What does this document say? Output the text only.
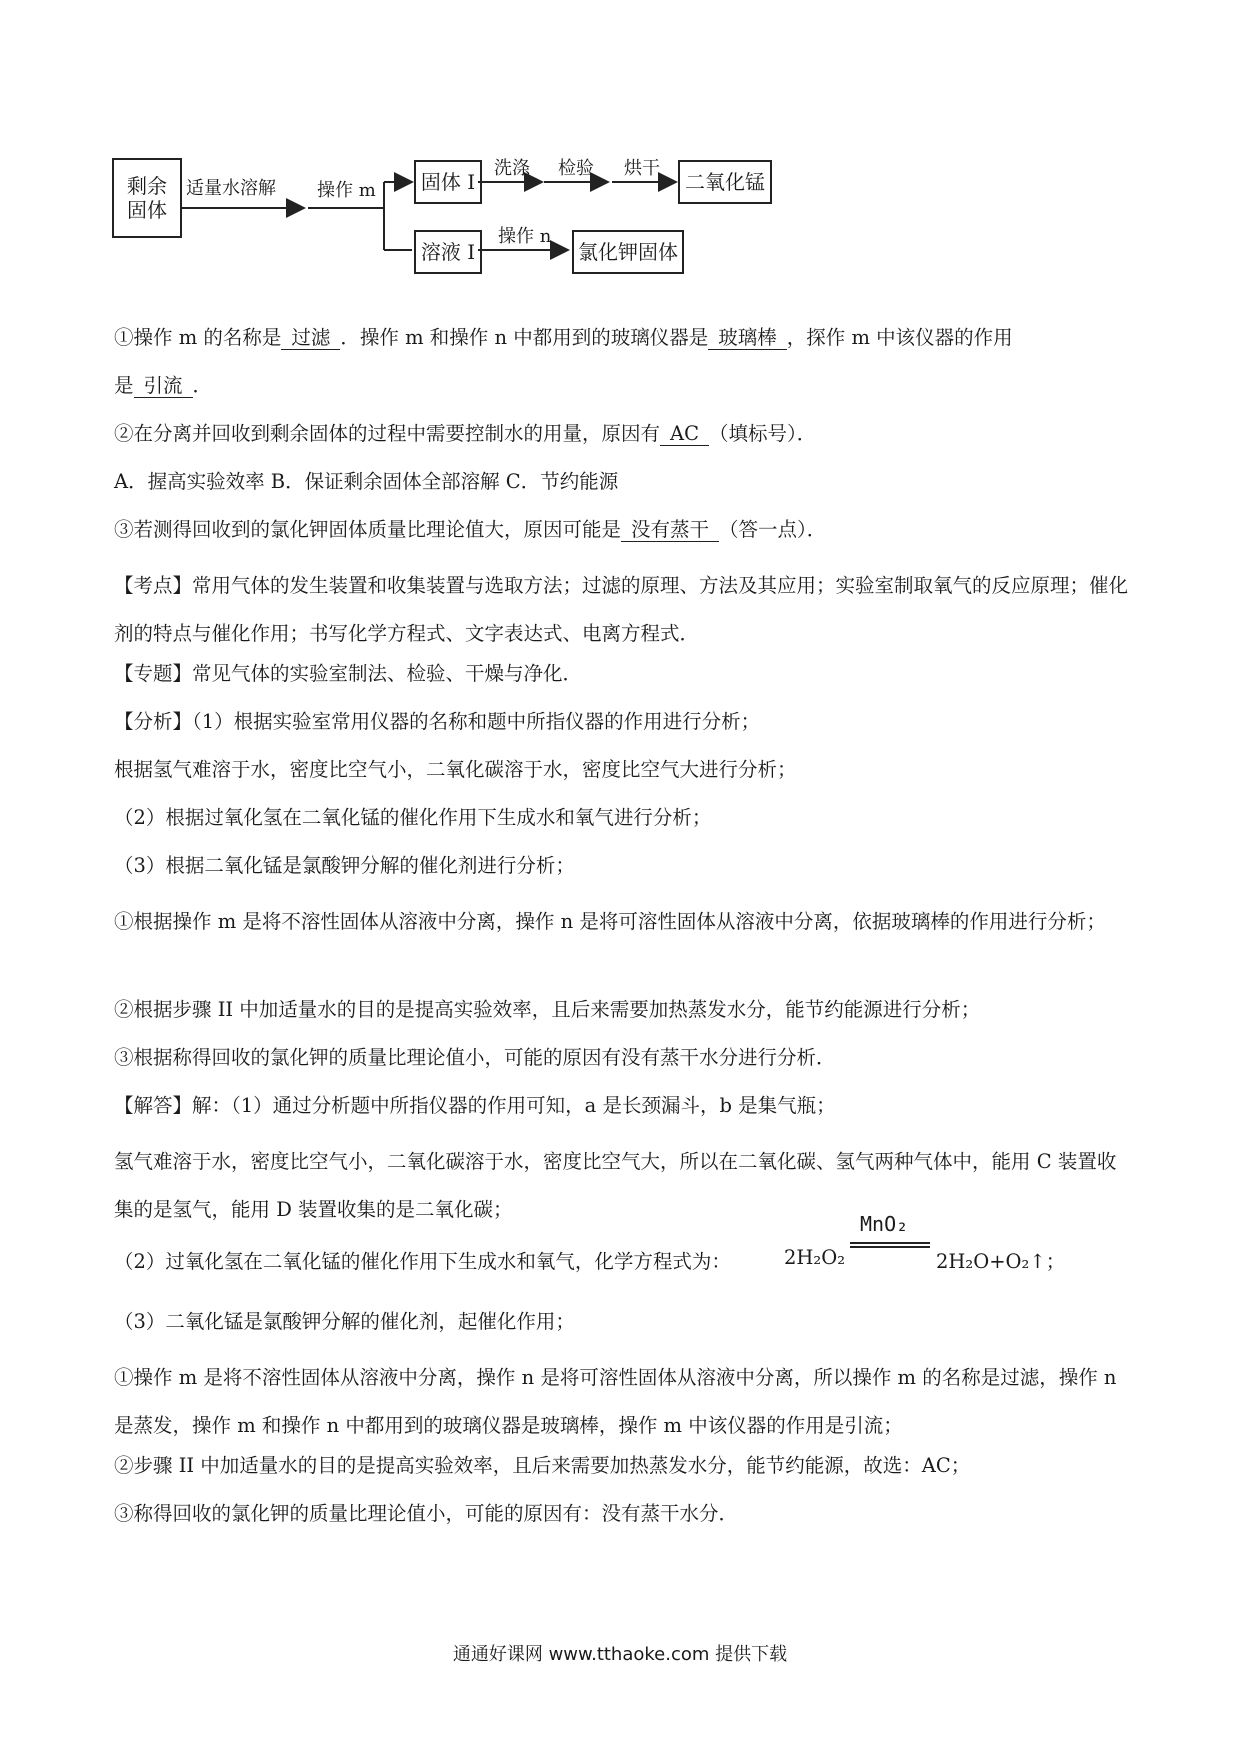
剩余
固体
适量水溶解 操作 m	固体 I
洗涤 检验 烘干
二氧化锰
溶液 I
操作 n
氯化钾固体
①操作 m 的名称是 过滤 ．操作 m 和操作 n 中都用到的玻璃仪器是 玻璃棒 ，探作 m 中该仪器的作用
是 引流 ．
②在分离并回收到剩余固体的过程中需要控制水的用量，原因有 AC （填标号）．
A．握高实验效率 B．保证剩余固体全部溶解 C．节约能源
③若测得回收到的氯化钾固体质量比理论值大，原因可能是 没有蒸干 （答一点）．
【考点】常用气体的发生装置和收集装置与选取方法；过滤的原理、方法及其应用；实验室制取氧气的反应原理；催化剂的特点与催化作用；书写化学方程式、文字表达式、电离方程式．
【专题】常见气体的实验室制法、检验、干燥与净化．
【分析】（1）根据实验室常用仪器的名称和题中所指仪器的作用进行分析；
根据氢气难溶于水，密度比空气小，二氧化碳溶于水，密度比空气大进行分析；
（2）根据过氧化氢在二氧化锰的催化作用下生成水和氧气进行分析；
（3）根据二氧化锰是氯酸钾分解的催化剂进行分析；
①根据操作 m 是将不溶性固体从溶液中分离，操作 n 是将可溶性固体从溶液中分离，依据玻璃棒的作用进行分析；
②根据步骤 II 中加适量水的目的是提高实验效率，且后来需要加热蒸发水分，能节约能源进行分析；
③根据称得回收的氯化钾的质量比理论值小，可能的原因有没有蒸干水分进行分析．
【解答】解：（1）通过分析题中所指仪器的作用可知，a 是长颈漏斗，b 是集气瓶；
氢气难溶于水，密度比空气小，二氧化碳溶于水，密度比空气大，所以在二氧化碳、氢气两种气体中，能用 C 装置收集的是氢气，能用 D 装置收集的是二氧化碳；
（2）过氧化氢在二氧化锰的催化作用下生成水和氧气，化学方程式为：	2H₂O₂
MnO₂
2H₂O+O₂↑；
（3）二氧化锰是氯酸钾分解的催化剂，起催化作用；
①操作 m 是将不溶性固体从溶液中分离，操作 n 是将可溶性固体从溶液中分离，所以操作 m 的名称是过滤，操作 n 是蒸发，操作 m 和操作 n 中都用到的玻璃仪器是玻璃棒，操作 m 中该仪器的作用是引流；
②步骤 II 中加适量水的目的是提高实验效率，且后来需要加热蒸发水分，能节约能源，故选：AC；
③称得回收的氯化钾的质量比理论值小，可能的原因有：没有蒸干水分．
通通好课网 www.tthaoke.com 提供下载
